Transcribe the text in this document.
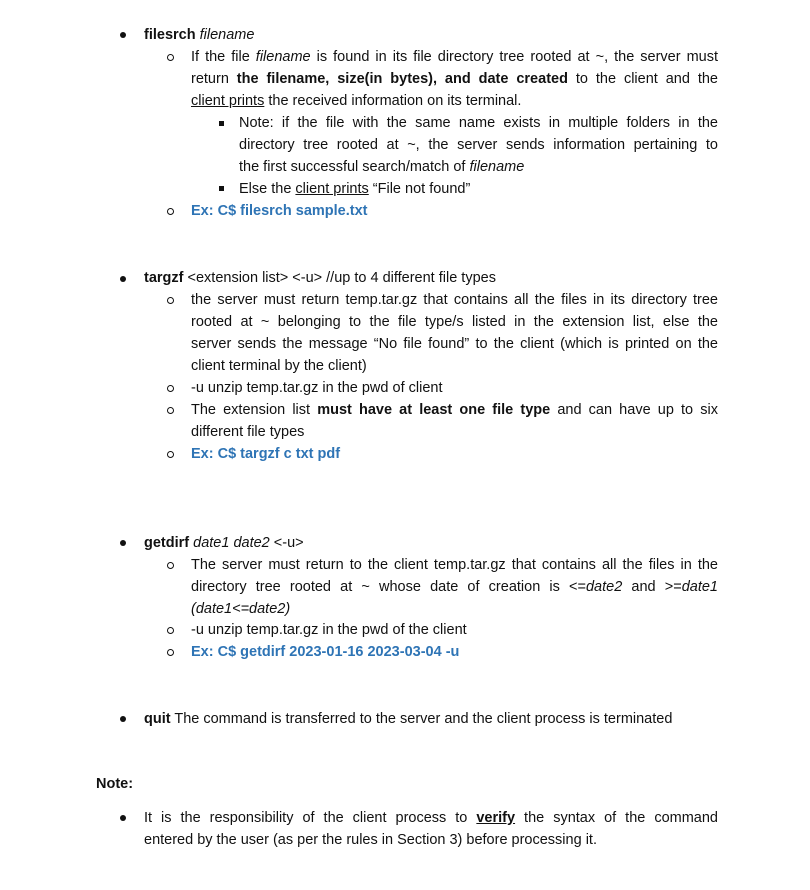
filesrch filename
If the file filename is found in its file directory tree rooted at ~, the server must
return the filename, size(in bytes), and date created to the client and the
client prints the received information on its terminal.
Note: if the file with the same name exists in multiple folders in the
directory tree rooted at ~, the server sends information pertaining to
the first successful search/match of filename
Else the client prints “File not found”
Ex: C$ filesrch sample.txt
targzf <extension list> <-u> //up to 4 different file types
the server must return temp.tar.gz that contains all the files in its directory tree
rooted at ~ belonging to the file type/s listed in the extension list, else the
server sends the message “No file found” to the client (which is printed on the
client terminal by the client)
-u unzip temp.tar.gz in the pwd of client
The extension list must have at least one file type and can have up to six
different file types
Ex: C$ targzf c txt pdf
getdirf date1 date2 <-u>
The server must return to the client temp.tar.gz that contains all the files in the
directory tree rooted at ~ whose date of creation is <=date2 and >=date1
(date1<=date2)
-u unzip temp.tar.gz in the pwd of the client
Ex: C$ getdirf 2023-01-16 2023-03-04 -u
quit The command is transferred to the server and the client process is terminated
Note:
It is the responsibility of the client process to verify the syntax of the command
entered by the user (as per the rules in Section 3) before processing it.
